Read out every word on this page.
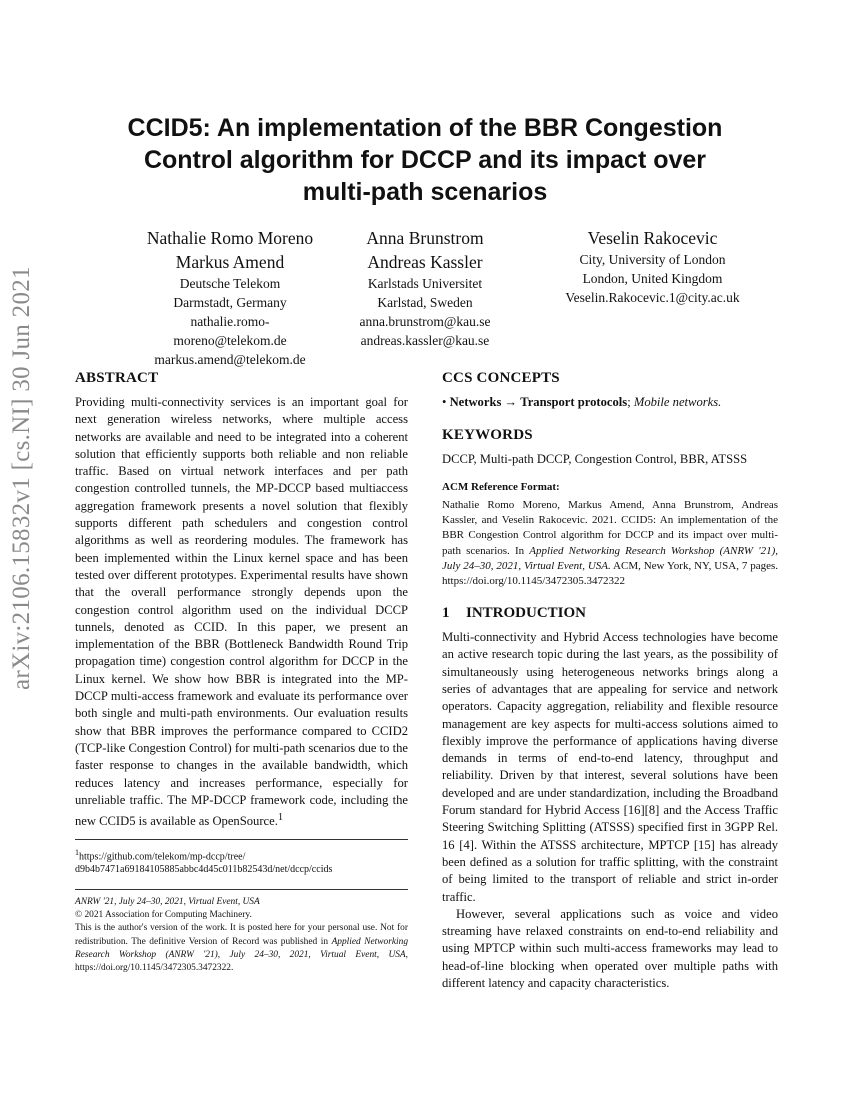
arXiv:2106.15832v1 [cs.NI] 30 Jun 2021
CCID5: An implementation of the BBR Congestion
Control algorithm for DCCP and its impact over
multi-path scenarios
Nathalie Romo Moreno
Markus Amend
Deutsche Telekom
Darmstadt, Germany
nathalie.romo-
moreno@telekom.de
markus.amend@telekom.de
Anna Brunstrom
Andreas Kassler
Karlstads Universitet
Karlstad, Sweden
anna.brunstrom@kau.se
andreas.kassler@kau.se
Veselin Rakocevic
City, University of London
London, United Kingdom
Veselin.Rakocevic.1@city.ac.uk
ABSTRACT

Providing multi-connectivity services is an important goal for next generation wireless networks, where multiple access networks are available and need to be integrated into a coherent solution that efficiently supports both reliable and non reliable traffic. Based on virtual network interfaces and per path congestion controlled tunnels, the MP-DCCP based multiaccess aggregation framework presents a novel solution that flexibly supports different path schedulers and congestion control algorithms as well as reordering modules. The framework has been implemented within the Linux kernel space and has been tested over different prototypes. Experimental results have shown that the overall performance strongly depends upon the congestion control algorithm used on the individual DCCP tunnels, denoted as CCID. In this paper, we present an implementation of the BBR (Bottleneck Bandwidth Round Trip propagation time) congestion control algorithm for DCCP in the Linux kernel. We show how BBR is integrated into the MP-DCCP multi-access framework and evaluate its performance over both single and multi-path environments. Our evaluation results show that BBR improves the performance compared to CCID2 (TCP-like Congestion Control) for multi-path scenarios due to the faster response to changes in the available bandwidth, which reduces latency and increases performance, especially for unreliable traffic. The MP-DCCP framework code, including the new CCID5 is available as OpenSource.$^1$

$^1$https://github.com/telekom/mp-dccp/tree/
d9b4b7471a69184105885abbc4d45c011b82543d/net/dccp/ccids

ANRW '21, July 24–30, 2021, Virtual Event, USA

© 2021 Association for Computing Machinery.

This is the author's version of the work. It is posted here for your personal use. Not for redistribution. The definitive Version of Record was published in Applied Networking Research Workshop (ANRW '21), July 24–30, 2021, Virtual Event, USA, https://doi.org/10.1145/3472305.3472322.

CCS CONCEPTS

• Networks → Transport protocols; Mobile networks.

KEYWORDS

DCCP, Multi-path DCCP, Congestion Control, BBR, ATSSS

ACM Reference Format:

Nathalie Romo Moreno, Markus Amend, Anna Brunstrom, Andreas Kassler, and Veselin Rakocevic. 2021. CCID5: An implementation of the BBR Congestion Control algorithm for DCCP and its impact over multi-path scenarios. In Applied Networking Research Workshop (ANRW '21), July 24–30, 2021, Virtual Event, USA. ACM, New York, NY, USA, 7 pages. https://doi.org/10.1145/3472305.3472322

1 INTRODUCTION

Multi-connectivity and Hybrid Access technologies have become an active research topic during the last years, as the possibility of simultaneously using heterogeneous networks brings along a series of advantages that are appealing for service and network operators. Capacity aggregation, reliability and flexible resource management are key aspects for multi-access solutions aimed to flexibly improve the performance of applications having diverse demands in terms of end-to-end latency, throughput and reliability. Driven by that interest, several solutions have been developed and are under standardization, including the Broadband Forum standard for Hybrid Access [16][8] and the Access Traffic Steering Switching Splitting (ATSSS) specified first in 3GPP Rel. 16 [4]. Within the ATSSS architecture, MPTCP [15] has already been defined as a solution for traffic splitting, with the constraint of being limited to the transport of reliable and strict in-order traffic.

However, several applications such as voice and video streaming have relaxed constraints on end-to-end reliability and using MPTCP within such multi-access frameworks may lead to head-of-line blocking when operated over multiple paths with different latency and capacity characteristics.
